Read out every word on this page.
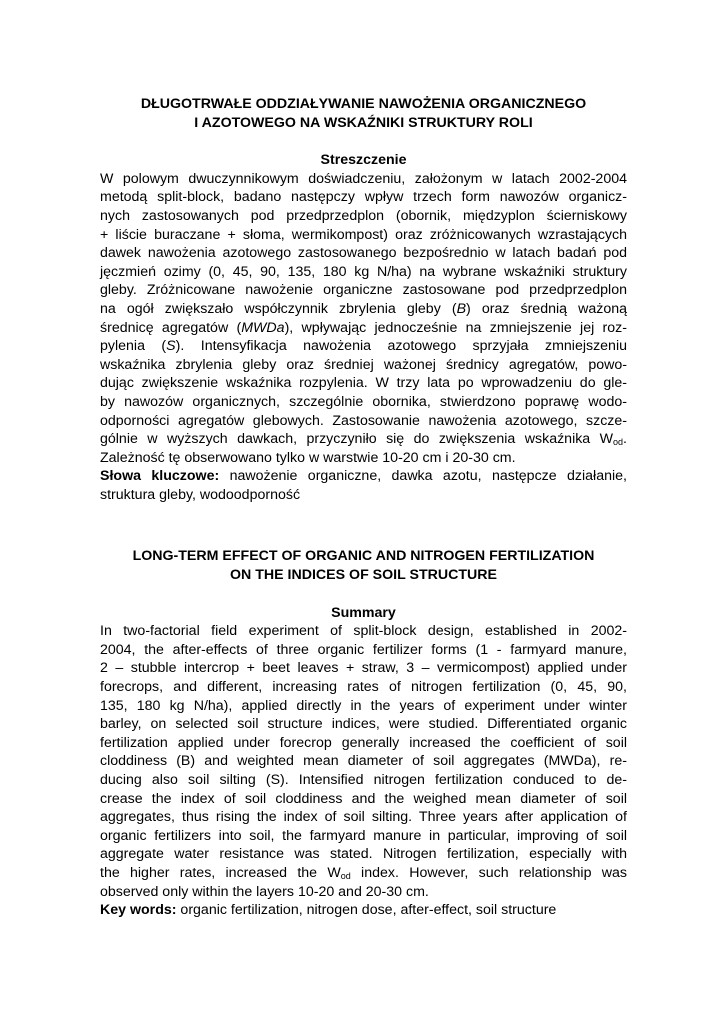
DŁUGOTRWAŁE ODDZIAŁYWANIE NAWOŻENIA ORGANICZNEGO
I AZOTOWEGO NA WSKAŹNIKI STRUKTURY ROLI
Streszczenie

W polowym dwuczynnikowym doświadczeniu, założonym w latach 2002-2004

metodą split-block, badano następczy wpływ trzech form nawozów organicz-

nych zastosowanych pod przedprzedplon (obornik, międzyplon ścierniskowy

+ liście buraczane + słoma, wermikompost) oraz zróżnicowanych wzrastających

dawek nawożenia azotowego zastosowanego bezpośrednio w latach badań pod

jęczmień ozimy (0, 45, 90, 135, 180 kg N/ha) na wybrane wskaźniki struktury

gleby. Zróżnicowane nawożenie organiczne zastosowane pod przedprzedplon

na ogół zwiększało współczynnik zbrylenia gleby (B) oraz średnią ważoną

średnicę agregatów (MWDa), wpływając jednocześnie na zmniejszenie jej roz-

pylenia (S). Intensyfikacja nawożenia azotowego sprzyjała zmniejszeniu

wskaźnika zbrylenia gleby oraz średniej ważonej średnicy agregatów, powo-

dując zwiększenie wskaźnika rozpylenia. W trzy lata po wprowadzeniu do gle-

by nawozów organicznych, szczególnie obornika, stwierdzono poprawę wodo-

odporności agregatów glebowych. Zastosowanie nawożenia azotowego, szcze-

gólnie w wyższych dawkach, przyczyniło się do zwiększenia wskaźnika $W_{od}$.

Zależność tę obserwowano tylko w warstwie 10-20 cm i 20-30 cm.

Słowa kluczowe: nawożenie organiczne, dawka azotu, następcze działanie,
struktura gleby, wodoodporność
LONG-TERM EFFECT OF ORGANIC AND NITROGEN FERTILIZATION
ON THE INDICES OF SOIL STRUCTURE
Summary

In two-factorial field experiment of split-block design, established in 2002-

2004, the after-effects of three organic fertilizer forms (1 - farmyard manure,

2 – stubble intercrop + beet leaves + straw, 3 – vermicompost) applied under

forecrops, and different, increasing rates of nitrogen fertilization (0, 45, 90,

135, 180 kg N/ha), applied directly in the years of experiment under winter

barley, on selected soil structure indices, were studied. Differentiated organic

fertilization applied under forecrop generally increased the coefficient of soil

cloddiness (B) and weighted mean diameter of soil aggregates (MWDa), re-

ducing also soil silting (S). Intensified nitrogen fertilization conduced to de-

crease the index of soil cloddiness and the weighed mean diameter of soil

aggregates, thus rising the index of soil silting. Three years after application of

organic fertilizers into soil, the farmyard manure in particular, improving of soil

aggregate water resistance was stated. Nitrogen fertilization, especially with

the higher rates, increased the $W_{od}$ index. However, such relationship was

observed only within the layers 10-20 and 20-30 cm.

Key words: organic fertilization, nitrogen dose, after-effect, soil structure
